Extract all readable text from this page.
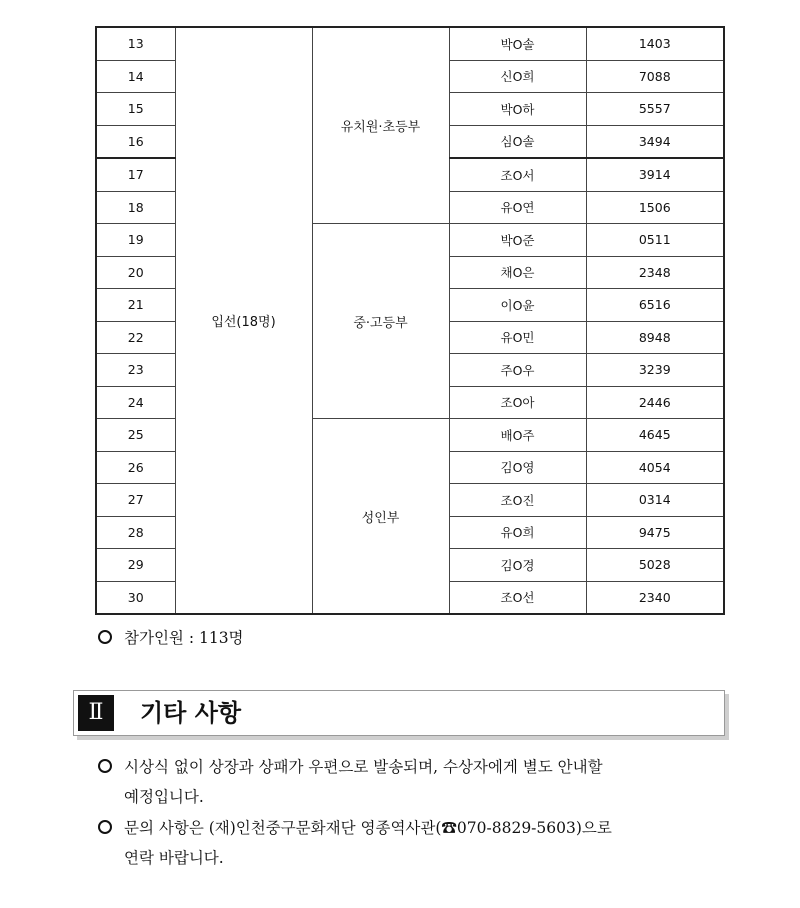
13	입선(18명)	유치원·초등부	박O솔	1403
14			신O희	7088
15			박O하	5557
16			심O솔	3494
17			조O서	3914
18			유O연	1506
19		중·고등부	박O준	0511
20			채O은	2348
21			이O윤	6516
22			유O민	8948
23			주O우	3239
24			조O아	2446
25		성인부	배O주	4645
26			김O영	4054
27			조O진	0314
28			유O희	9475
29			김O경	5028
30			조O선	2340
참가인원 : 113명
Ⅱ	기타 사항
시상식 없이 상장과 상패가 우편으로 발송되며, 수상자에게 별도 안내할
예정입니다.
문의 사항은 (재)인천중구문화재단 영종역사관(☎070-8829-5603)으로
연락 바랍니다.
